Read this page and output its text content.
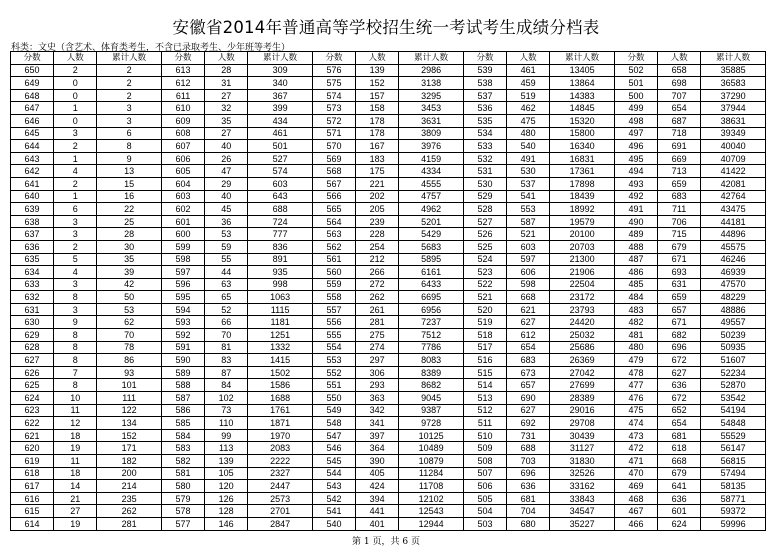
安徽省2014年普通高等学校招生统一考试考生成绩分档表
科类：文史（含艺术、体育类考生，不含已录取考生、少年班等考生）
分数	人数	累计人数	分数	人数	累计人数	分数	人数	累计人数	分数	人数	累计人数	分数	人数	累计人数
650	2	2	613	28	309	576	139	2986	539	461	13405	502	658	35885
649	0	2	612	31	340	575	152	3138	538	459	13864	501	698	36583
648	0	2	611	27	367	574	157	3295	537	519	14383	500	707	37290
647	1	3	610	32	399	573	158	3453	536	462	14845	499	654	37944
646	0	3	609	35	434	572	178	3631	535	475	15320	498	687	38631
645	3	6	608	27	461	571	178	3809	534	480	15800	497	718	39349
644	2	8	607	40	501	570	167	3976	533	540	16340	496	691	40040
643	1	9	606	26	527	569	183	4159	532	491	16831	495	669	40709
642	4	13	605	47	574	568	175	4334	531	530	17361	494	713	41422
641	2	15	604	29	603	567	221	4555	530	537	17898	493	659	42081
640	1	16	603	40	643	566	202	4757	529	541	18439	492	683	42764
639	6	22	602	45	688	565	205	4962	528	553	18992	491	711	43475
638	3	25	601	36	724	564	239	5201	527	587	19579	490	706	44181
637	3	28	600	53	777	563	228	5429	526	521	20100	489	715	44896
636	2	30	599	59	836	562	254	5683	525	603	20703	488	679	45575
635	5	35	598	55	891	561	212	5895	524	597	21300	487	671	46246
634	4	39	597	44	935	560	266	6161	523	606	21906	486	693	46939
633	3	42	596	63	998	559	272	6433	522	598	22504	485	631	47570
632	8	50	595	65	1063	558	262	6695	521	668	23172	484	659	48229
631	3	53	594	52	1115	557	261	6956	520	621	23793	483	657	48886
630	9	62	593	66	1181	556	281	7237	519	627	24420	482	671	49557
629	8	70	592	70	1251	555	275	7512	518	612	25032	481	682	50239
628	8	78	591	81	1332	554	274	7786	517	654	25686	480	696	50935
627	8	86	590	83	1415	553	297	8083	516	683	26369	479	672	51607
626	7	93	589	87	1502	552	306	8389	515	673	27042	478	627	52234
625	8	101	588	84	1586	551	293	8682	514	657	27699	477	636	52870
624	10	111	587	102	1688	550	363	9045	513	690	28389	476	672	53542
623	11	122	586	73	1761	549	342	9387	512	627	29016	475	652	54194
622	12	134	585	110	1871	548	341	9728	511	692	29708	474	654	54848
621	18	152	584	99	1970	547	397	10125	510	731	30439	473	681	55529
620	19	171	583	113	2083	546	364	10489	509	688	31127	472	618	56147
619	11	182	582	139	2222	545	390	10879	508	703	31830	471	668	56815
618	18	200	581	105	2327	544	405	11284	507	696	32526	470	679	57494
617	14	214	580	120	2447	543	424	11708	506	636	33162	469	641	58135
616	21	235	579	126	2573	542	394	12102	505	681	33843	468	636	58771
615	27	262	578	128	2701	541	441	12543	504	704	34547	467	601	59372
614	19	281	577	146	2847	540	401	12944	503	680	35227	466	624	59996
第 1 页，共 6 页
